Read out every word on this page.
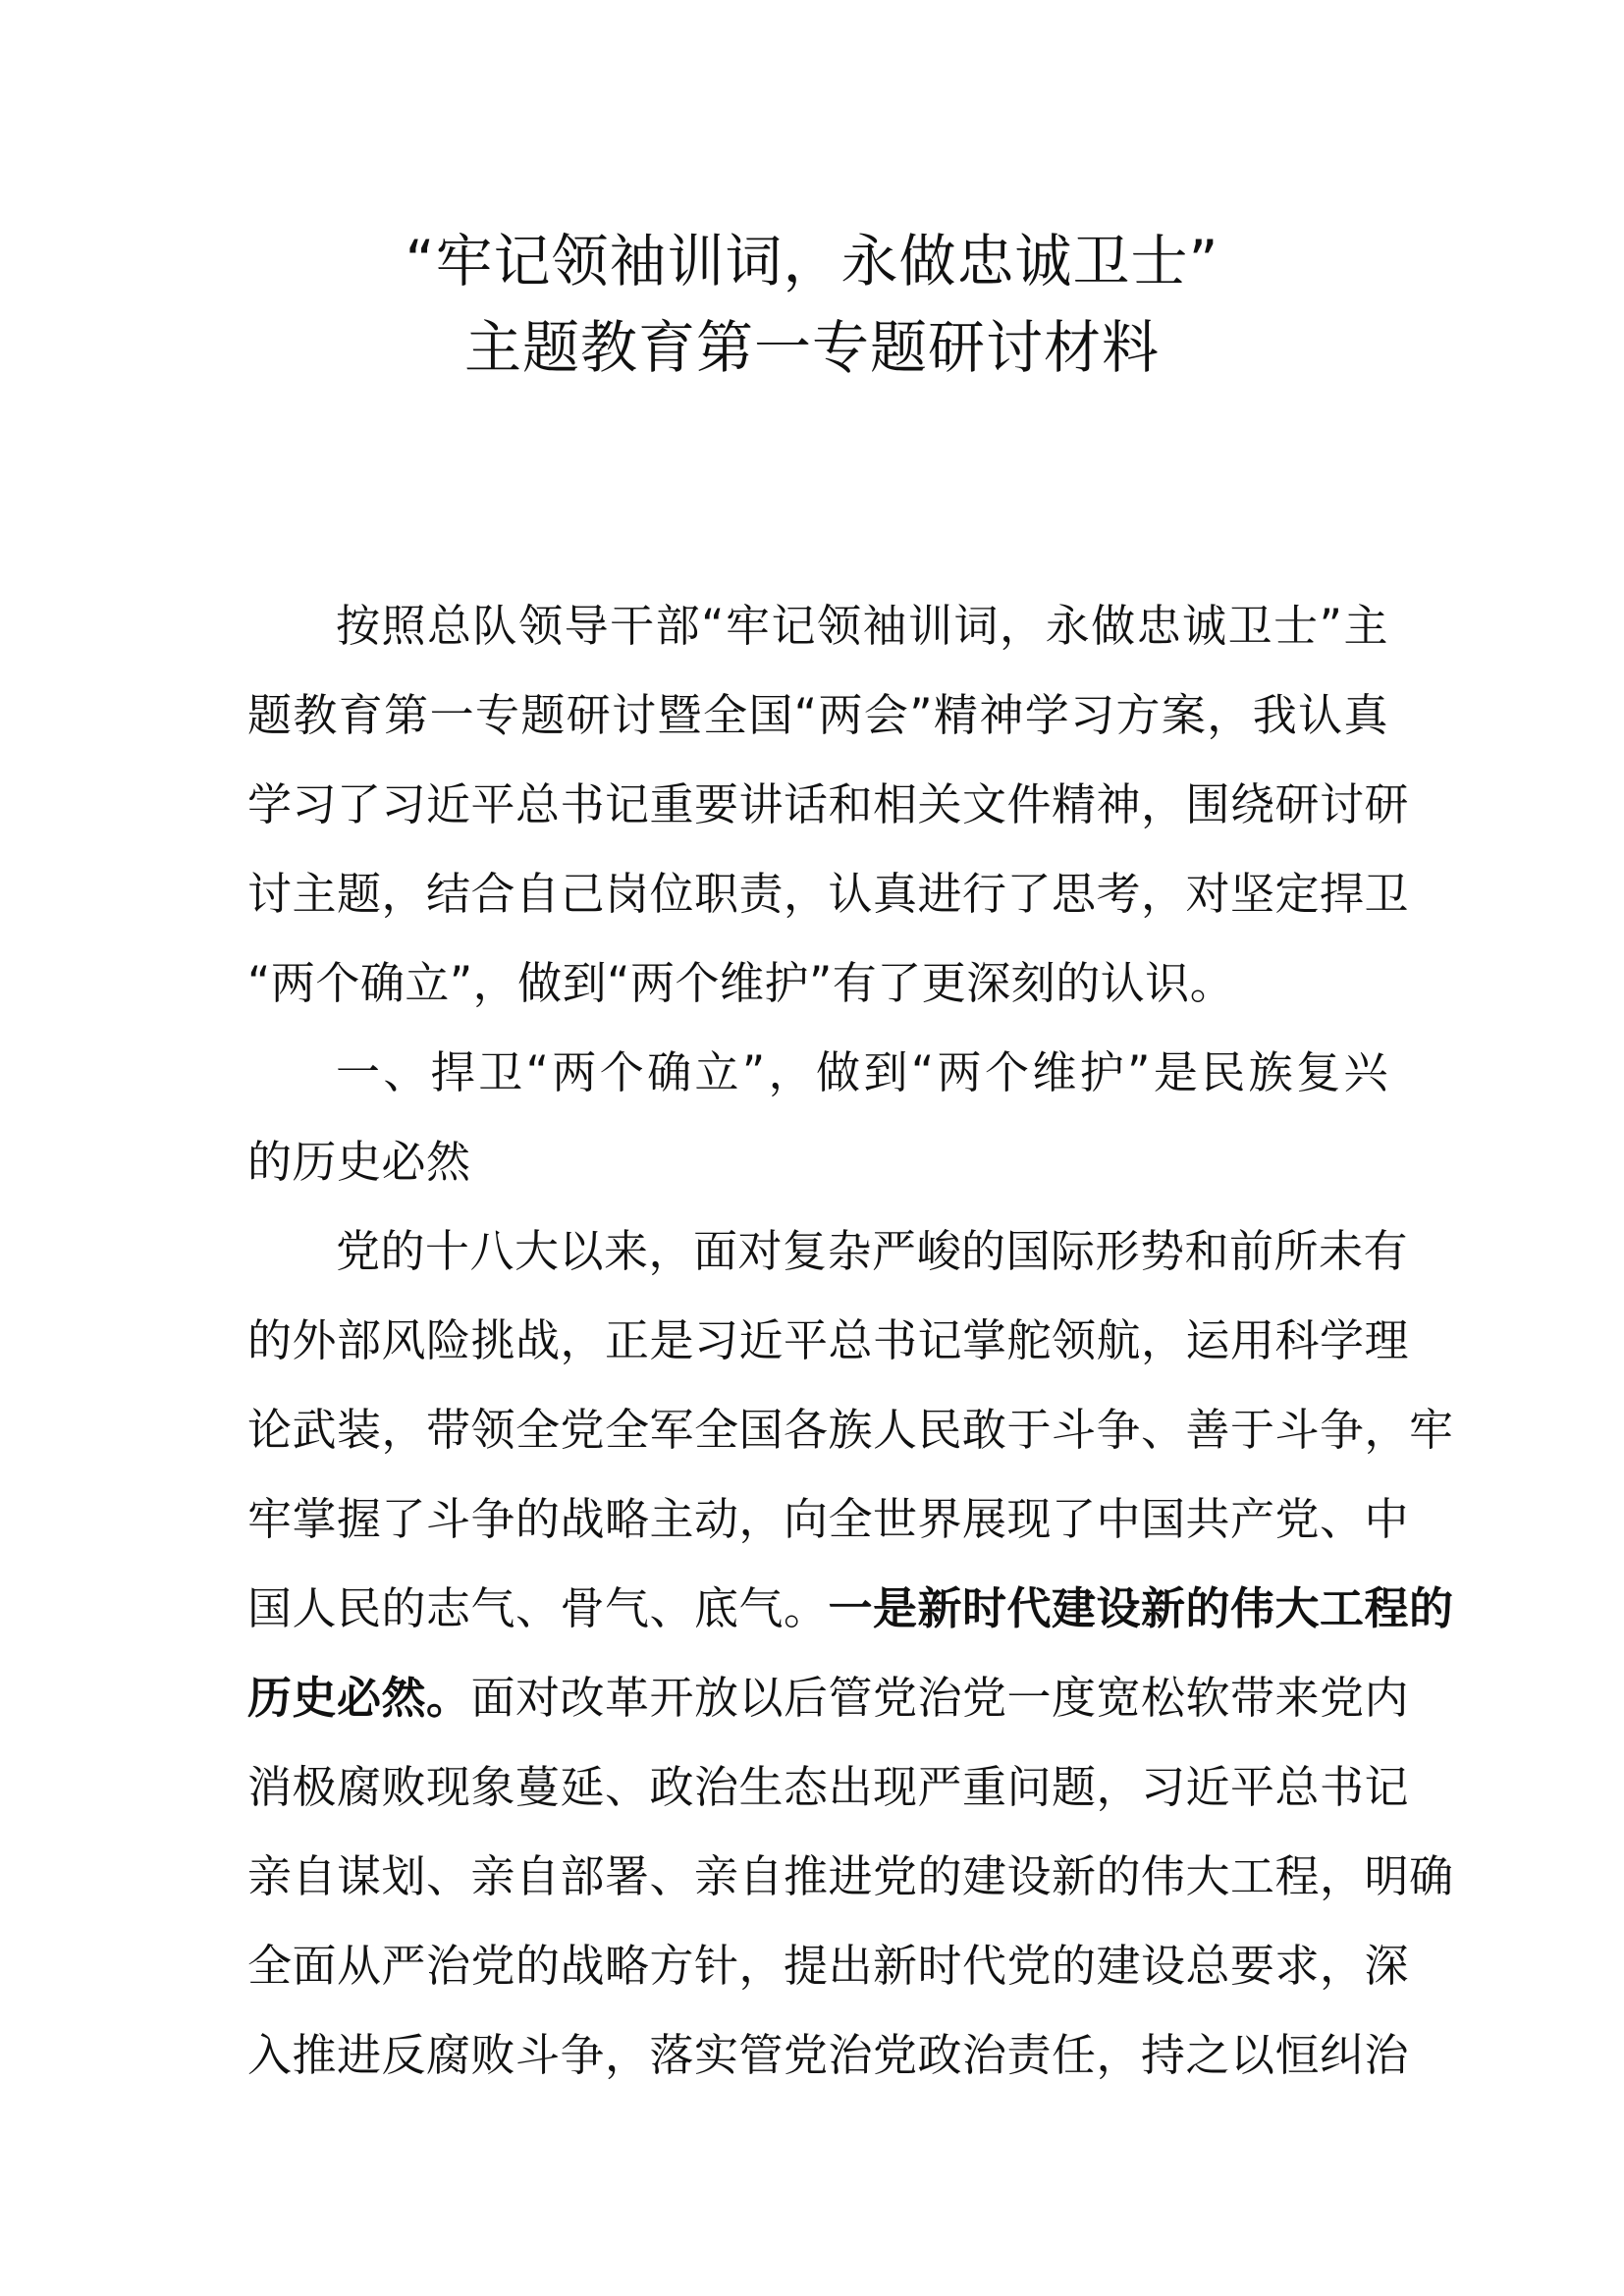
“牢记领袖训词，永做忠诚卫士”
主题教育第一专题研讨材料
按照总队领导干部“牢记领袖训词，永做忠诚卫士”主
题教育第一专题研讨暨全国“两会”精神学习方案，我认真
学习了习近平总书记重要讲话和相关文件精神，围绕研讨研
讨主题，结合自己岗位职责，认真进行了思考，对坚定捍卫
“两个确立”，做到“两个维护”有了更深刻的认识。
一、捍卫“两个确立”，做到“两个维护”是民族复兴
的历史必然
党的十八大以来，面对复杂严峻的国际形势和前所未有
的外部风险挑战，正是习近平总书记掌舵领航，运用科学理
论武装，带领全党全军全国各族人民敢于斗争、善于斗争，牢
牢掌握了斗争的战略主动，向全世界展现了中国共产党、中
国人民的志气、骨气、底气。一是新时代建设新的伟大工程的
历史必然。面对改革开放以后管党治党一度宽松软带来党内
消极腐败现象蔓延、政治生态出现严重问题，习近平总书记
亲自谋划、亲自部署、亲自推进党的建设新的伟大工程，明确
全面从严治党的战略方针，提出新时代党的建设总要求，深
入推进反腐败斗争，落实管党治党政治责任，持之以恒纠治
